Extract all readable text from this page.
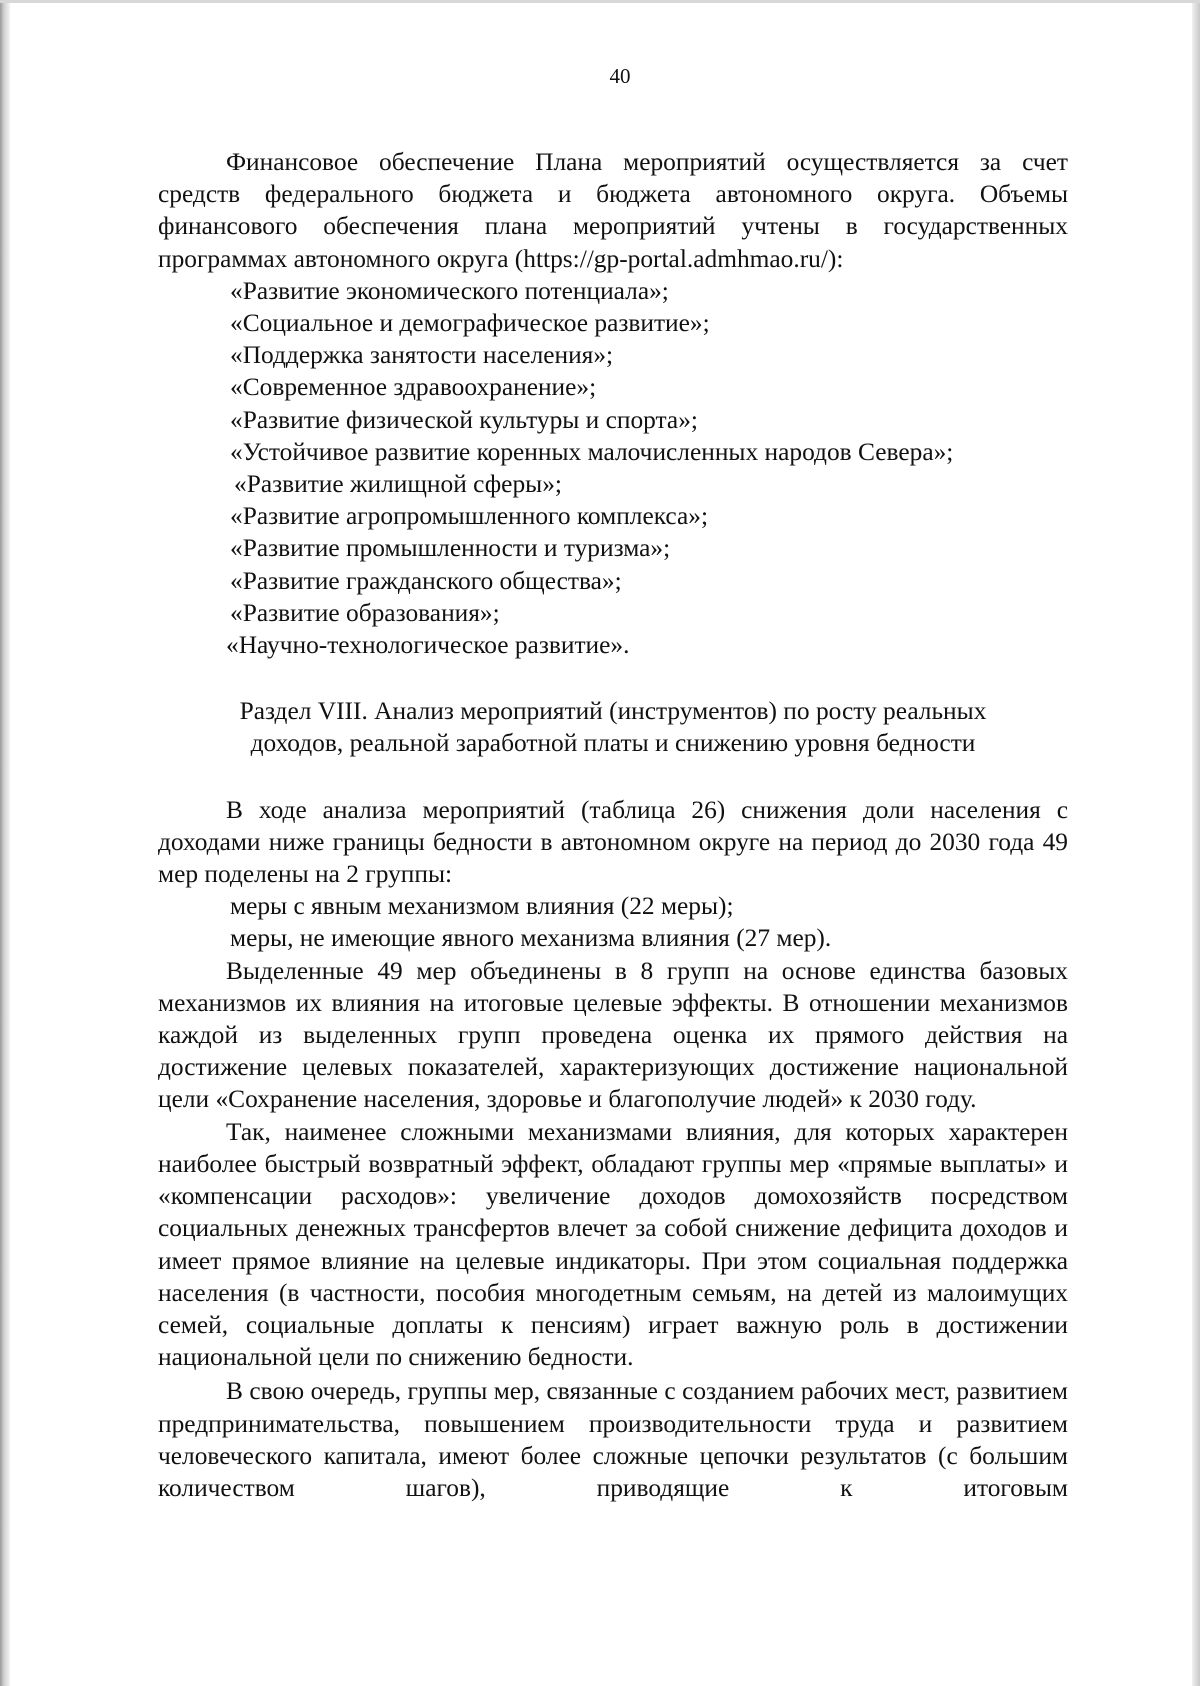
40

Финансовое обеспечение Плана мероприятий осуществляется за счет средств федерального бюджета и бюджета автономного округа. Объемы финансового обеспечения плана мероприятий учтены в государственных программах автономного округа (https://gp-portal.admhmao.ru/):

«Развитие экономического потенциала»;

«Социальное и демографическое развитие»;

«Поддержка занятости населения»;

«Современное здравоохранение»;

«Развитие физической культуры и спорта»;

«Устойчивое развитие коренных малочисленных народов Севера»;

«Развитие жилищной сферы»;

«Развитие агропромышленного комплекса»;

«Развитие промышленности и туризма»;

«Развитие гражданского общества»;

«Развитие образования»;

«Научно-технологическое развитие».

Раздел VIII. Анализ мероприятий (инструментов) по росту реальных

доходов, реальной заработной платы и снижению уровня бедности

В ходе анализа мероприятий (таблица 26) снижения доли населения с доходами ниже границы бедности в автономном округе на период до 2030 года 49 мер поделены на 2 группы:

меры с явным механизмом влияния (22 меры);

меры, не имеющие явного механизма влияния (27 мер).

Выделенные 49 мер объединены в 8 групп на основе единства базовых механизмов их влияния на итоговые целевые эффекты. В отношении механизмов каждой из выделенных групп проведена оценка их прямого действия на достижение целевых показателей, характеризующих достижение национальной цели «Сохранение населения, здоровье и благополучие людей» к 2030 году.

Так, наименее сложными механизмами влияния, для которых характерен наиболее быстрый возвратный эффект, обладают группы мер «прямые выплаты» и «компенсации расходов»: увеличение доходов домохозяйств посредством социальных денежных трансфертов влечет за собой снижение дефицита доходов и имеет прямое влияние на целевые индикаторы. При этом социальная поддержка населения (в частности, пособия многодетным семьям, на детей из малоимущих семей, социальные доплаты к пенсиям) играет важную роль в достижении национальной цели по снижению бедности.

В свою очередь, группы мер, связанные с созданием рабочих мест, развитием предпринимательства, повышением производительности труда и развитием человеческого капитала, имеют более сложные цепочки результатов (с большим количеством шагов), приводящие к итоговым
